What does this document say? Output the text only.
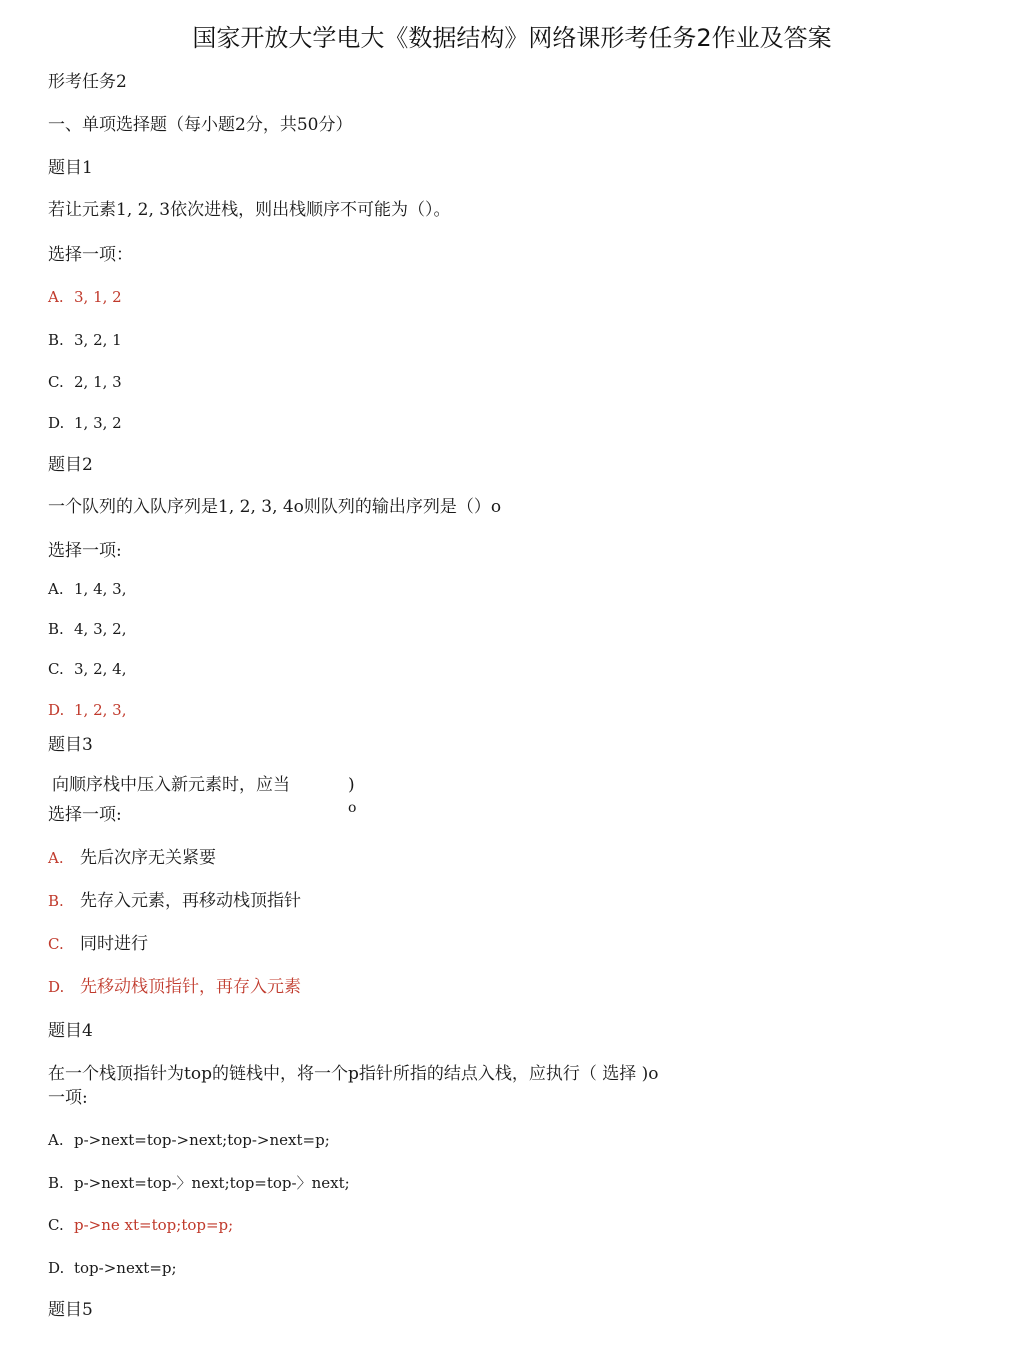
国家开放大学电大《数据结构》网络课形考任务2作业及答案
形考任务2
一、单项选择题（每小题2分，共50分）
题目1
若让元素1, 2, 3依次进栈，则出栈顺序不可能为（）。
选择一项：
A. 3, 1, 2
B. 3, 2, 1
C. 2, 1, 3
D. 1, 3, 2
题目2
一个队列的入队序列是1, 2, 3, 4o则队列的输出序列是（）o
选择一项:
A. 1, 4, 3,
B. 4, 3, 2,
C. 3, 2, 4,
D. 1, 2, 3,
题目3
向顺序栈中压入新元素时，应当	)
o
选择一项:
A. 先后次序无关紧要
B. 先存入元素，再移动栈顶指针
C. 同时进行
D. 先移动栈顶指针，再存入元素
题目4
在一个栈顶指针为top的链栈中，将一个p指针所指的结点入栈，应执行（ 选择 )o
一项:
A. p->next=top->next;top->next=p;
B. p->next=top-〉next;top=top-〉next;
C. p->ne xt=top;top=p;
D. top->next=p;
题目5
